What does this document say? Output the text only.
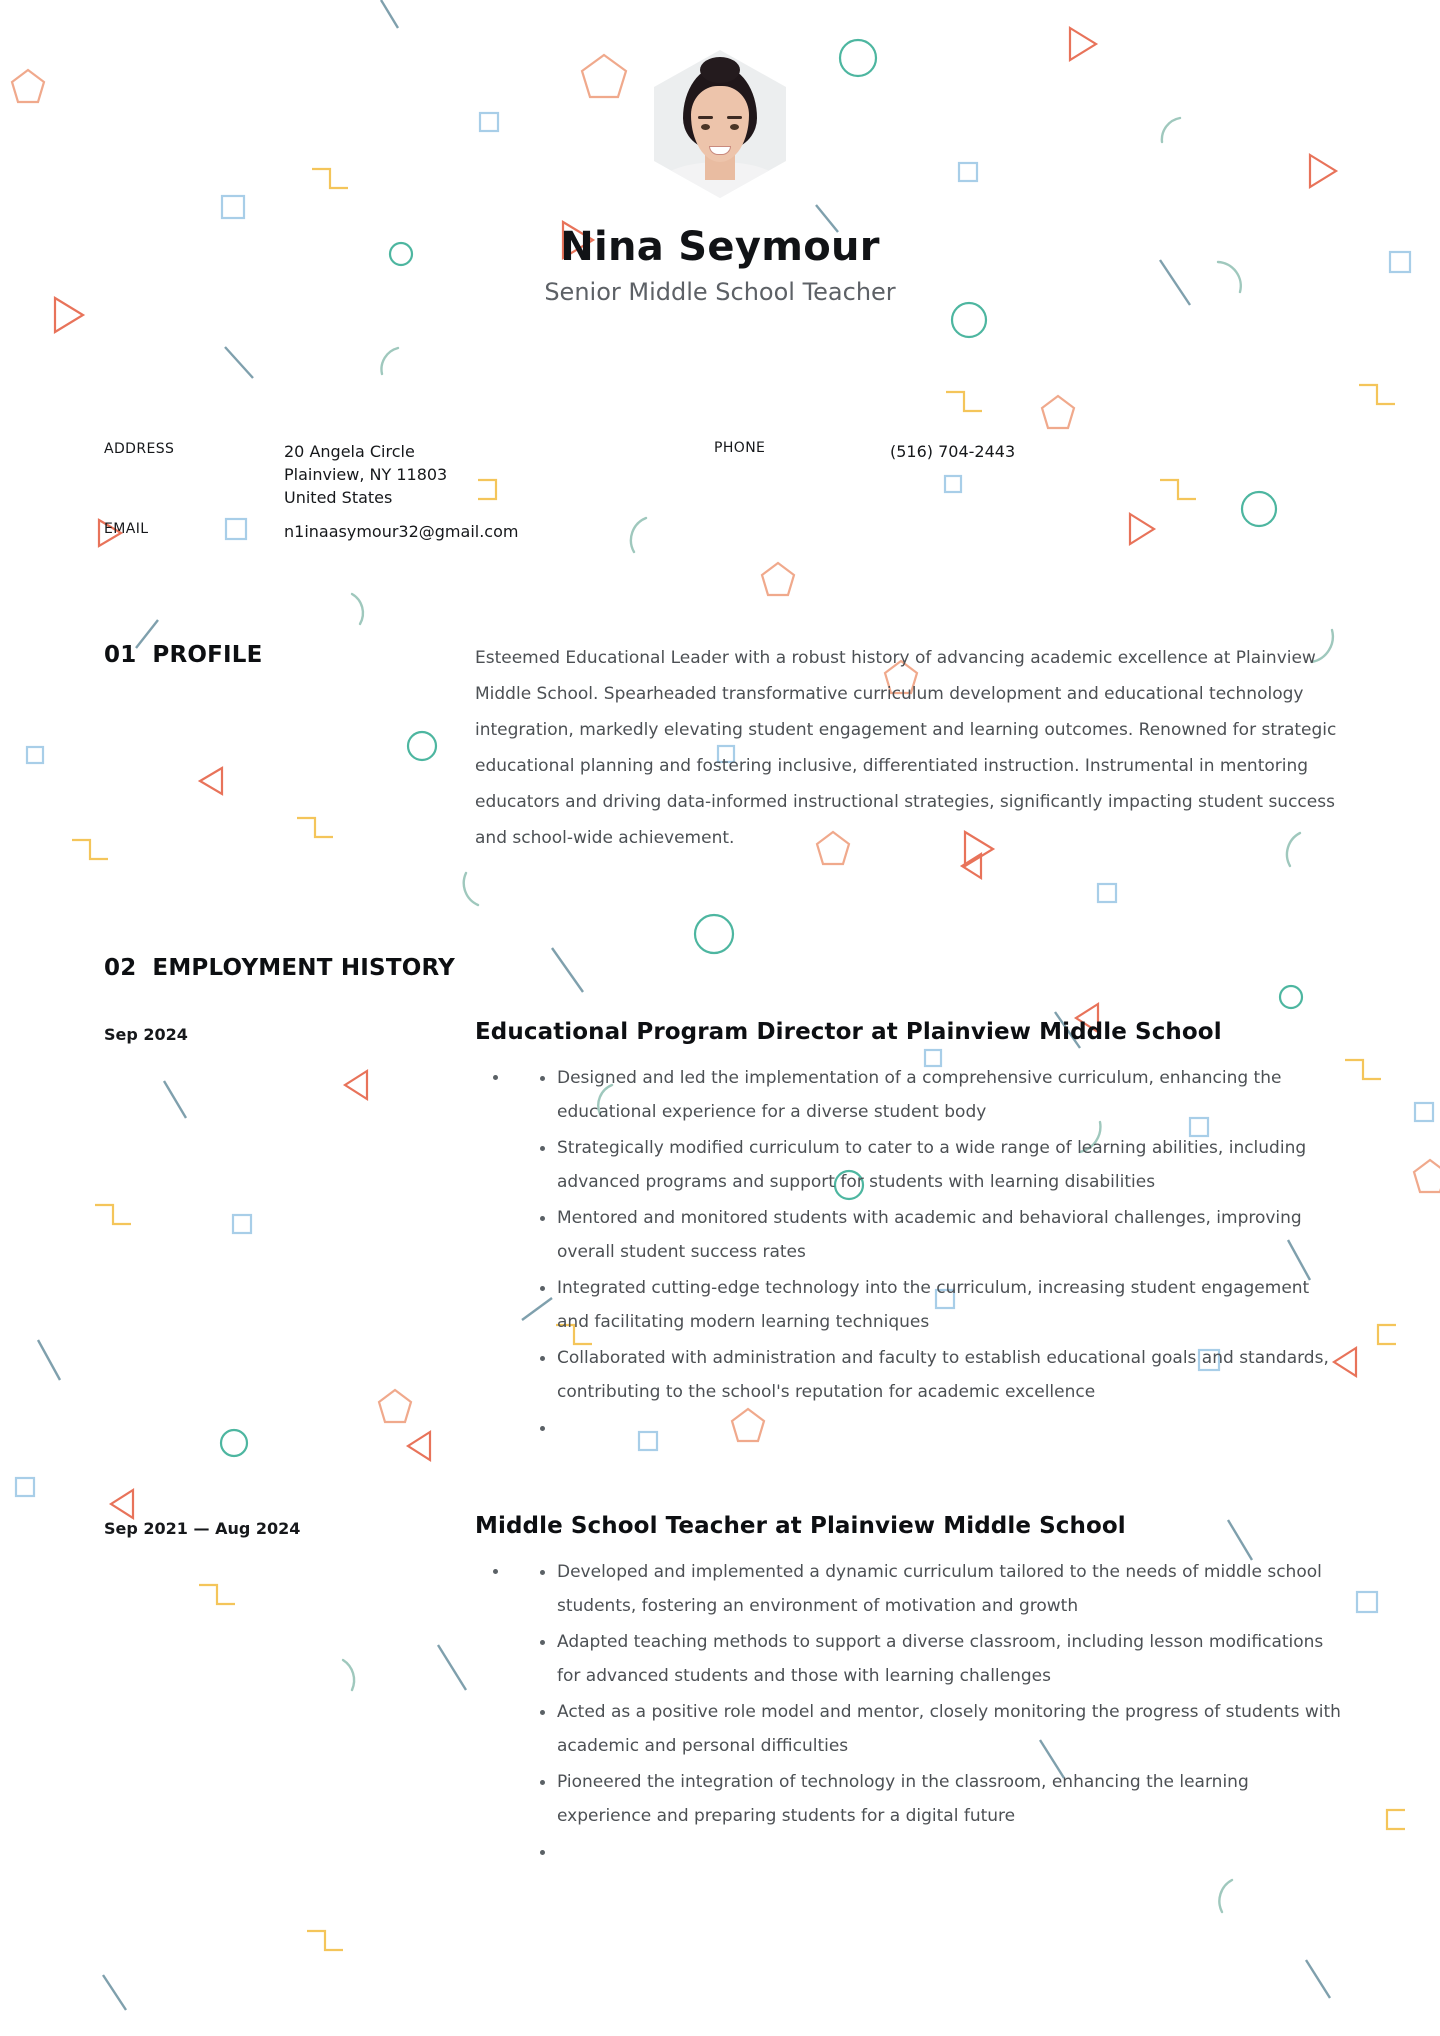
Nina Seymour
Senior Middle School Teacher
ADDRESS	20 Angela Circle
Plainview, NY 11803
United States
PHONE	(516) 704-2443
EMAIL	n1inaasymour32@gmail.com
01 PROFILE	Esteemed Educational Leader with a robust history of advancing academic excellence at Plainview Middle School. Spearheaded transformative curriculum development and educational technology integration, markedly elevating student engagement and learning outcomes. Renowned for strategic educational planning and fostering inclusive, differentiated instruction. Instrumental in mentoring educators and driving data-informed instructional strategies, significantly impacting student success and school-wide achievement.
02 EMPLOYMENT HISTORY
Sep 2024	Educational Program Director at Plainview Middle School
Designed and led the implementation of a comprehensive curriculum, enhancing the educational experience for a diverse student body
Strategically modified curriculum to cater to a wide range of learning abilities, including advanced programs and support for students with learning disabilities
Mentored and monitored students with academic and behavioral challenges, improving overall student success rates
Integrated cutting-edge technology into the curriculum, increasing student engagement and facilitating modern learning techniques
Collaborated with administration and faculty to establish educational goals and standards, contributing to the school's reputation for academic excellence
Sep 2021 — Aug 2024	Middle School Teacher at Plainview Middle School
Developed and implemented a dynamic curriculum tailored to the needs of middle school students, fostering an environment of motivation and growth
Adapted teaching methods to support a diverse classroom, including lesson modifications for advanced students and those with learning challenges
Acted as a positive role model and mentor, closely monitoring the progress of students with academic and personal difficulties
Pioneered the integration of technology in the classroom, enhancing the learning experience and preparing students for a digital future
